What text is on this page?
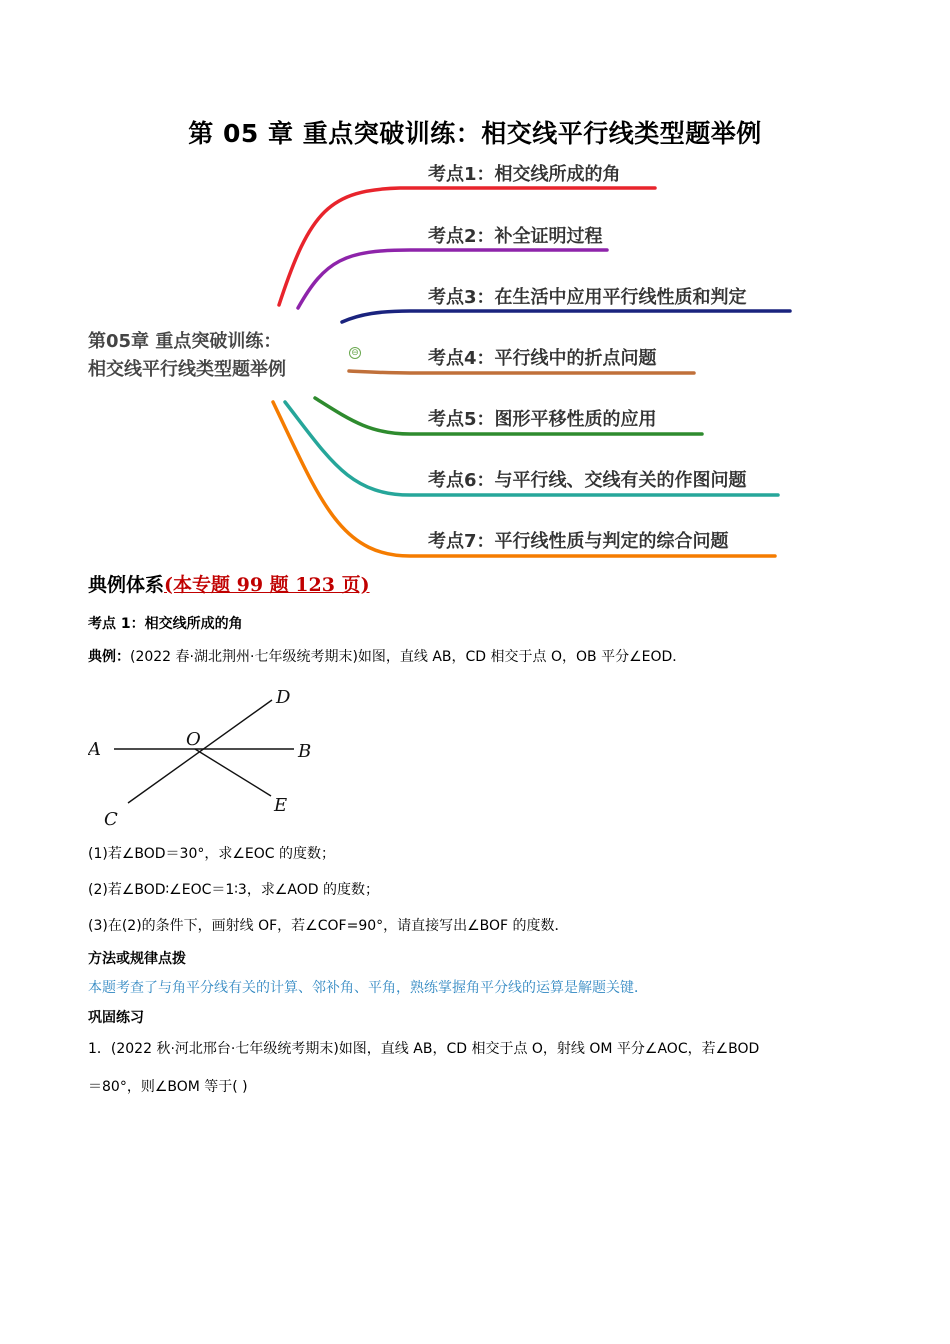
第 05 章 重点突破训练：相交线平行线类型题举例
第05章 重点突破训练：
相交线平行线类型题举例
⊖
考点1：相交线所成的角
考点2：补全证明过程
考点3：在生活中应用平行线性质和判定
考点4：平行线中的折点问题
考点5：图形平移性质的应用
考点6：与平行线、交线有关的作图问题
考点7：平行线性质与判定的综合问题
典例体系(本专题 99 题 123 页)
考点 1：相交线所成的角
典例：(2022 春·湖北荆州·七年级统考期末)如图，直线 AB，CD 相交于点 O，OB 平分∠EOD．
A	B
C
D
E
O
(1)若∠BOD＝30°，求∠EOC 的度数；
(2)若∠BOD∶∠EOC＝1∶3，求∠AOD 的度数；
(3)在(2)的条件下，画射线 OF，若∠COF=90°，请直接写出∠BOF 的度数．
方法或规律点拨
本题考查了与角平分线有关的计算、邻补角、平角，熟练掌握角平分线的运算是解题关键．
巩固练习
1．(2022 秋·河北邢台·七年级统考期末)如图，直线 AB，CD 相交于点 O，射线 OM 平分∠AOC，若∠BOD
＝80°，则∠BOM 等于( )
